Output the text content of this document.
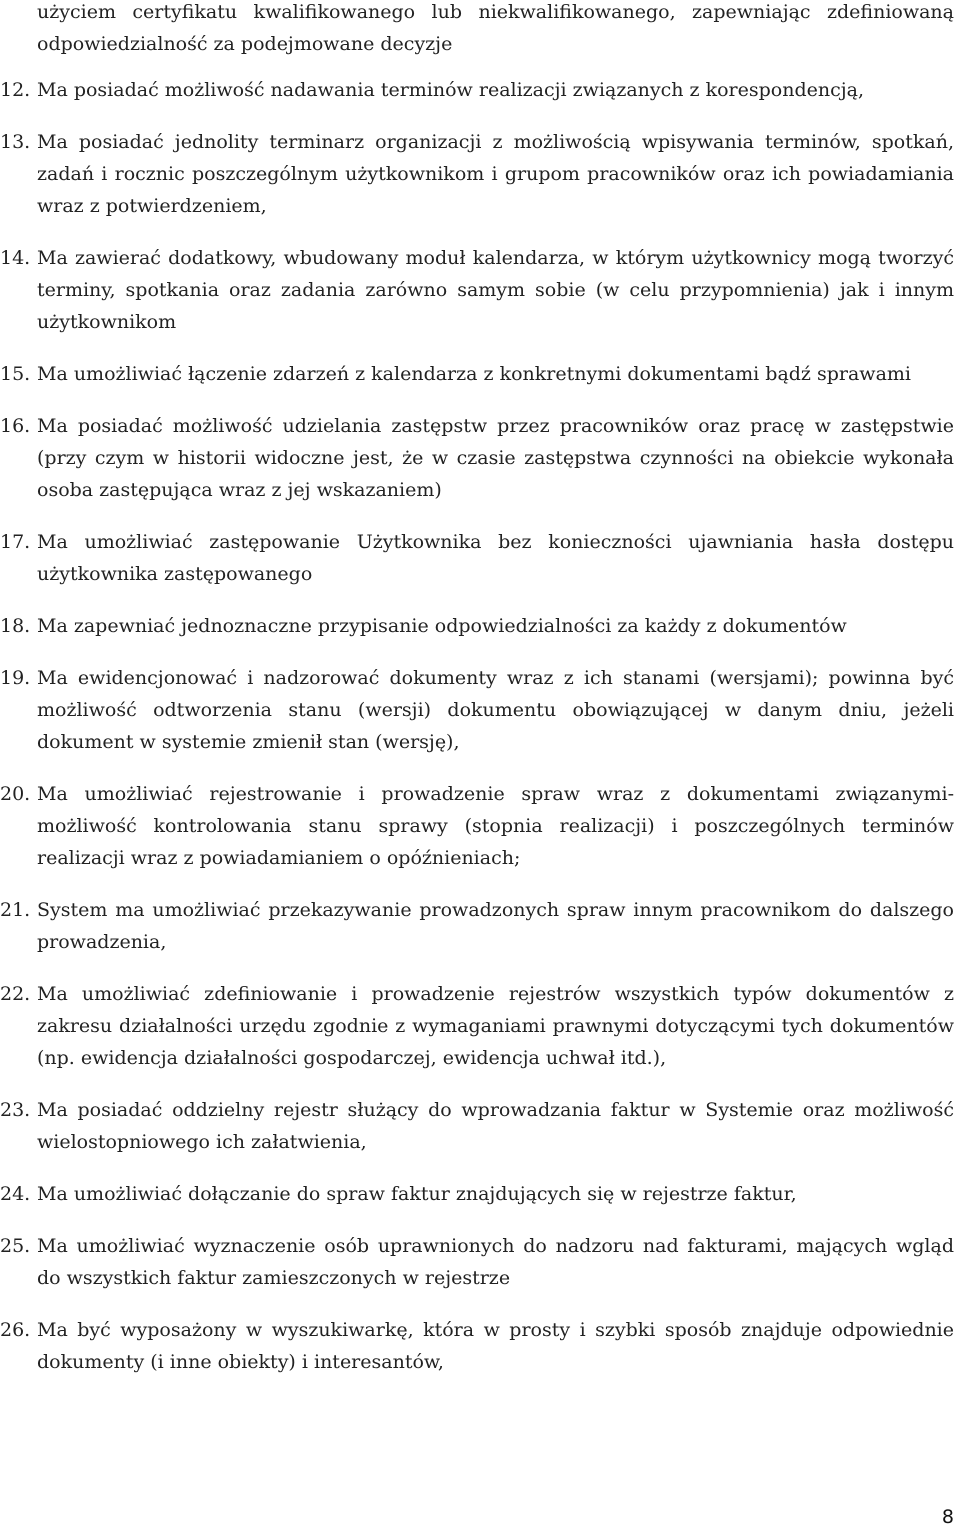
użyciem certyfikatu kwalifikowanego lub niekwalifikowanego, zapewniając zdefiniowaną odpowiedzialność za podejmowane decyzje

12. Ma posiadać możliwość nadawania terminów realizacji związanych z korespondencją,
13. Ma posiadać jednolity terminarz organizacji z możliwością wpisywania terminów, spotkań, zadań i rocznic poszczególnym użytkownikom i grupom pracowników oraz ich powiadamiania wraz z potwierdzeniem,
14. Ma zawierać dodatkowy, wbudowany moduł kalendarza, w którym użytkownicy mogą tworzyć terminy, spotkania oraz zadania zarówno samym sobie (w celu przypomnienia) jak i innym użytkownikom
15. Ma umożliwiać łączenie zdarzeń z kalendarza z konkretnymi dokumentami bądź sprawami
16. Ma posiadać możliwość udzielania zastępstw przez pracowników oraz pracę w zastępstwie (przy czym w historii widoczne jest, że w czasie zastępstwa czynności na obiekcie wykonała osoba zastępująca wraz z jej wskazaniem)
17. Ma umożliwiać zastępowanie Użytkownika bez konieczności ujawniania hasła dostępu użytkownika zastępowanego
18. Ma zapewniać jednoznaczne przypisanie odpowiedzialności za każdy z dokumentów
19. Ma ewidencjonować i nadzorować dokumenty wraz z ich stanami (wersjami); powinna być możliwość odtworzenia stanu (wersji) dokumentu obowiązującej w danym dniu, jeżeli dokument w systemie zmienił stan (wersję),
20. Ma umożliwiać rejestrowanie i prowadzenie spraw wraz z dokumentami związanymi- możliwość kontrolowania stanu sprawy (stopnia realizacji) i poszczególnych terminów realizacji wraz z powiadamianiem o opóźnieniach;
21. System ma umożliwiać przekazywanie prowadzonych spraw innym pracownikom do dalszego prowadzenia,
22. Ma umożliwiać zdefiniowanie i prowadzenie rejestrów wszystkich typów dokumentów z zakresu działalności urzędu zgodnie z wymaganiami prawnymi dotyczącymi tych dokumentów (np. ewidencja działalności gospodarczej, ewidencja uchwał itd.),
23. Ma posiadać oddzielny rejestr służący do wprowadzania faktur w Systemie oraz możliwość wielostopniowego ich załatwienia,
24. Ma umożliwiać dołączanie do spraw faktur znajdujących się w rejestrze faktur,
25. Ma umożliwiać wyznaczenie osób uprawnionych do nadzoru nad fakturami, mających wgląd do wszystkich faktur zamieszczonych w rejestrze
26. Ma być wyposażony w wyszukiwarkę, która w prosty i szybki sposób znajduje odpowiednie dokumenty (i inne obiekty) i interesantów,
8
